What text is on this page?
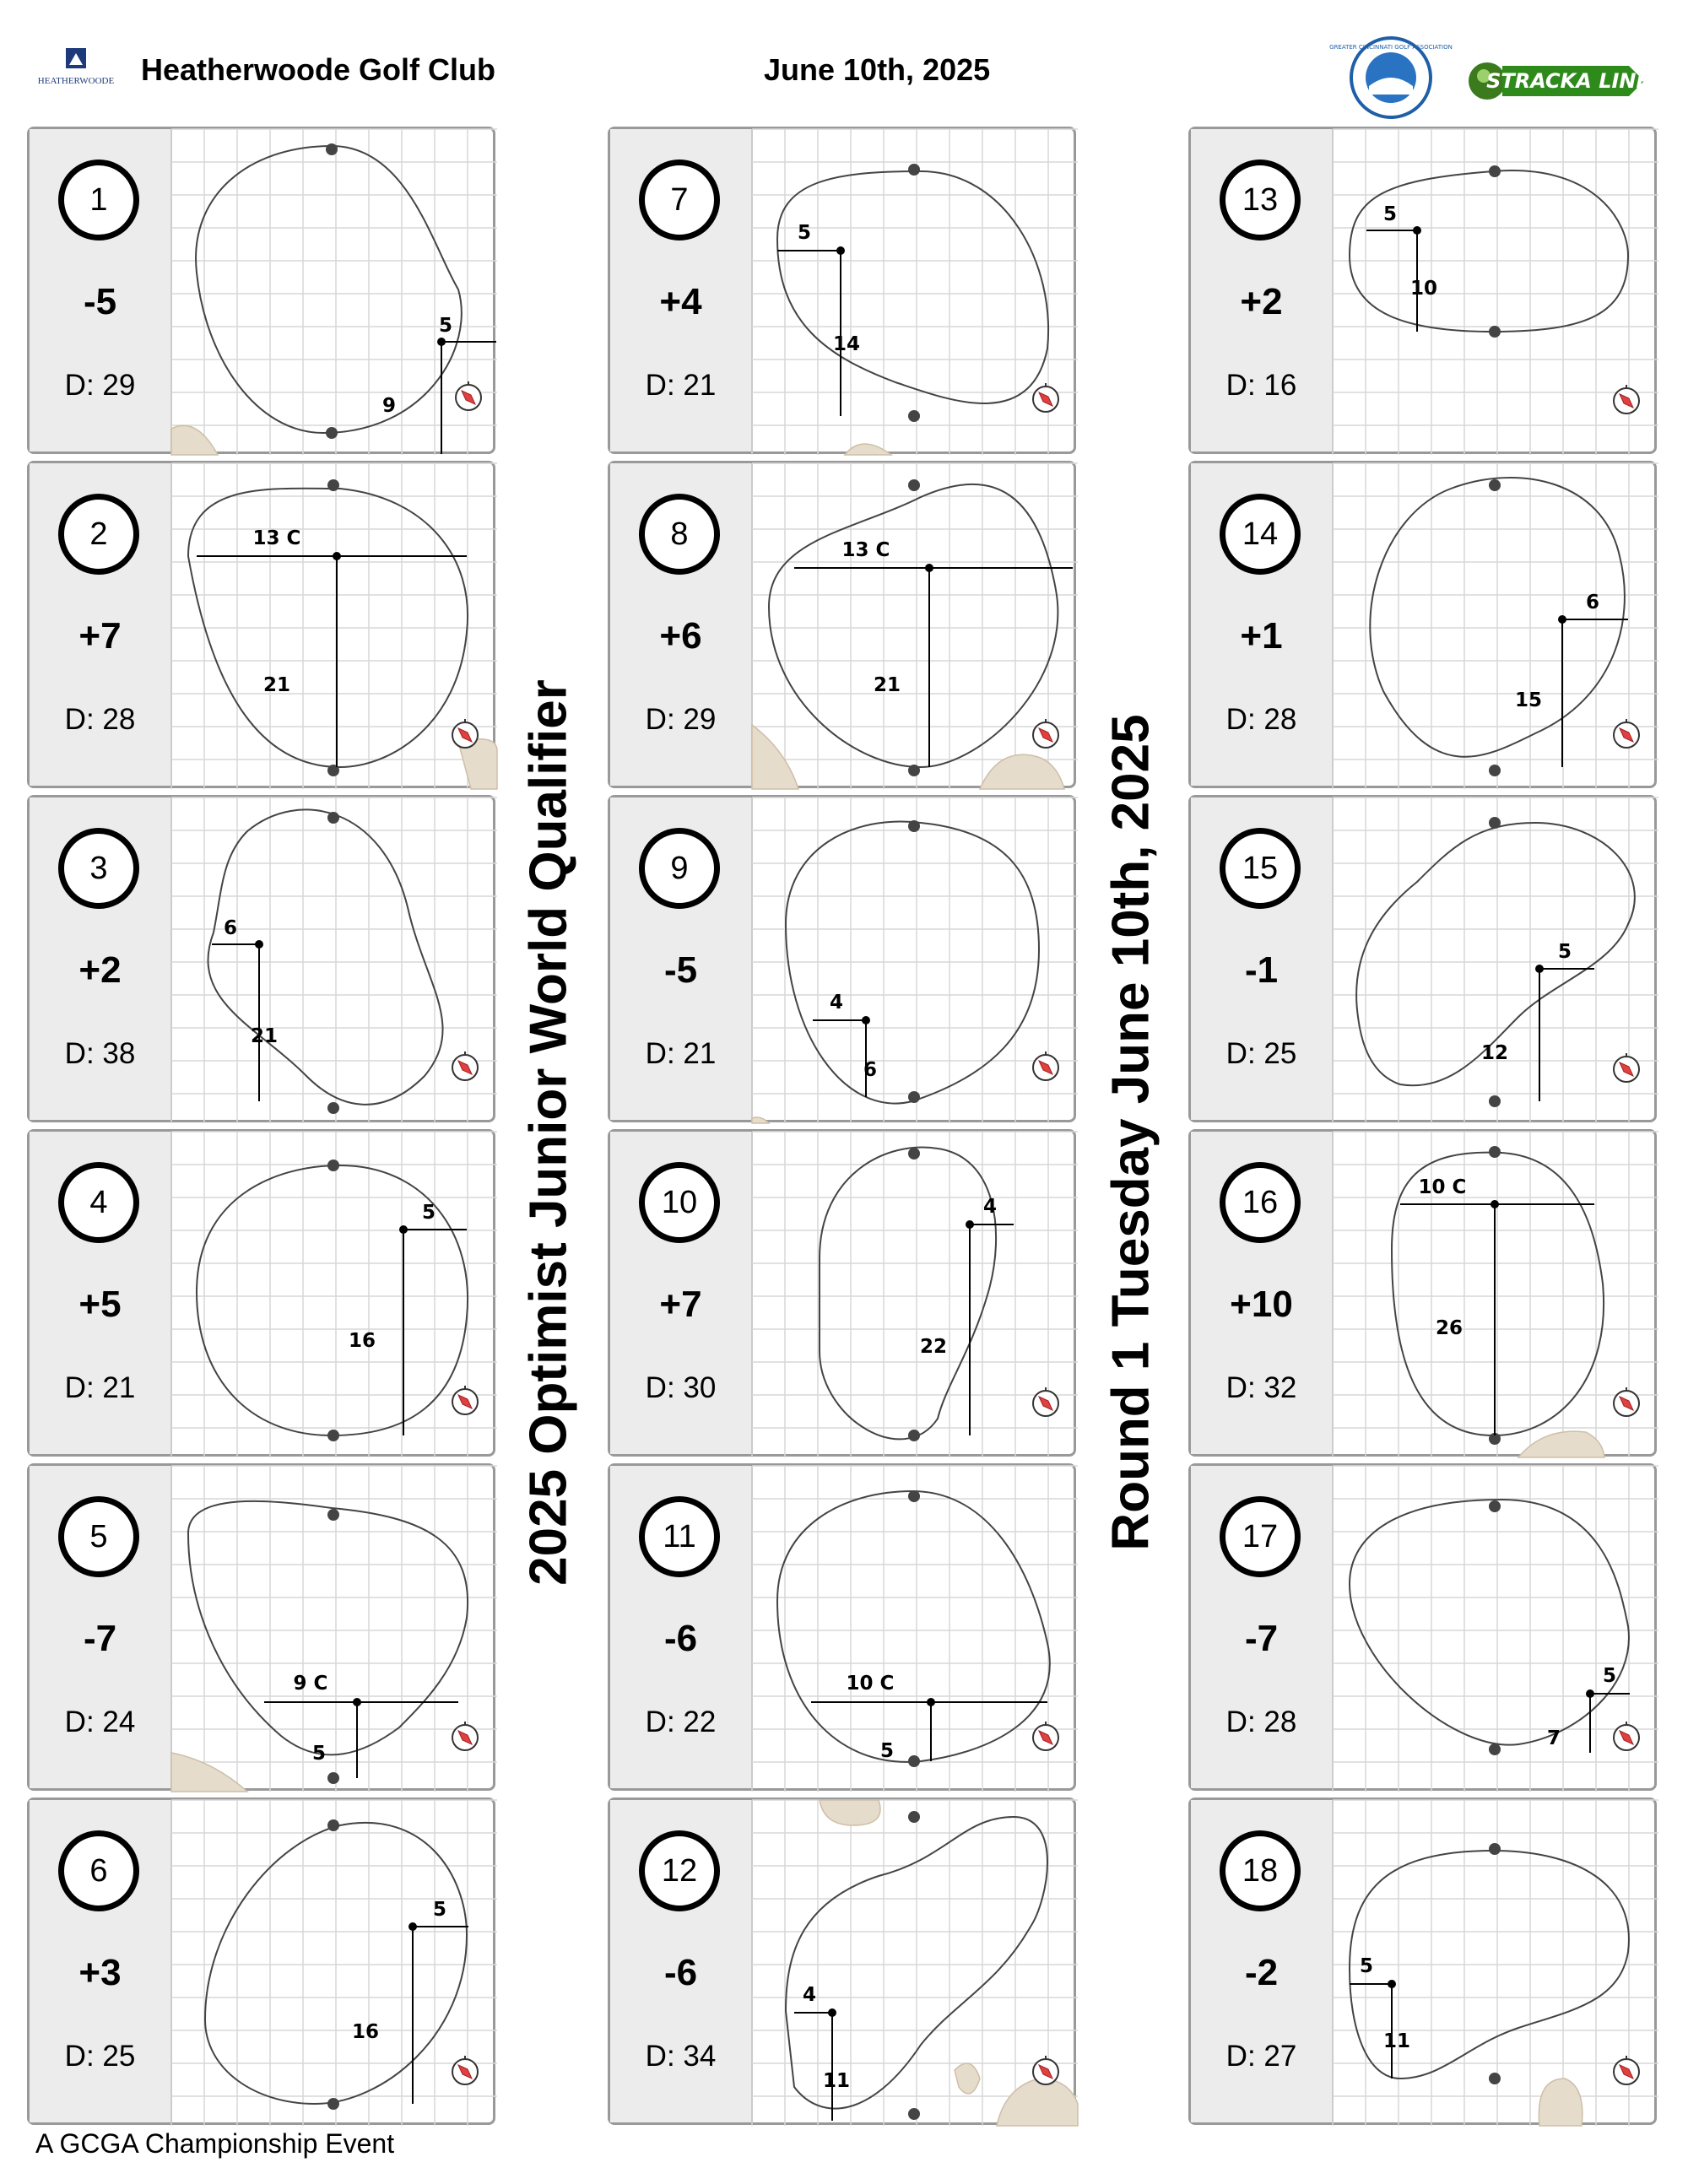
HEATHERWOODE Heatherwoode Golf Club	June 10th, 2025
GREATER CINCINNATI GOLF ASSOCIATION
STRACKA LINE
2025 Optimist Junior World Qualifier	Round 1 Tuesday June 10th, 2025
1
-5
D: 29
5
9
2
+7
D: 28
13 C
21
3
+2
D: 38
6
21
4
+5
D: 21
5
16
5
-7
D: 24
9 C
5
6
+3
D: 25
5
16
7
+4
D: 21
5
14
8
+6
D: 29
13 C
21
9
-5
D: 21
4
6
10
+7
D: 30
4
22
11
-6
D: 22
10 C
5
12
-6
D: 34
4
11
13
+2
D: 16
5
10
14
+1
D: 28
6
15
15
-1
D: 25
5
12
16
+10
D: 32
10 C
26
17
-7
D: 28
5
7
18
-2
D: 27
5
11
A GCGA Championship Event
